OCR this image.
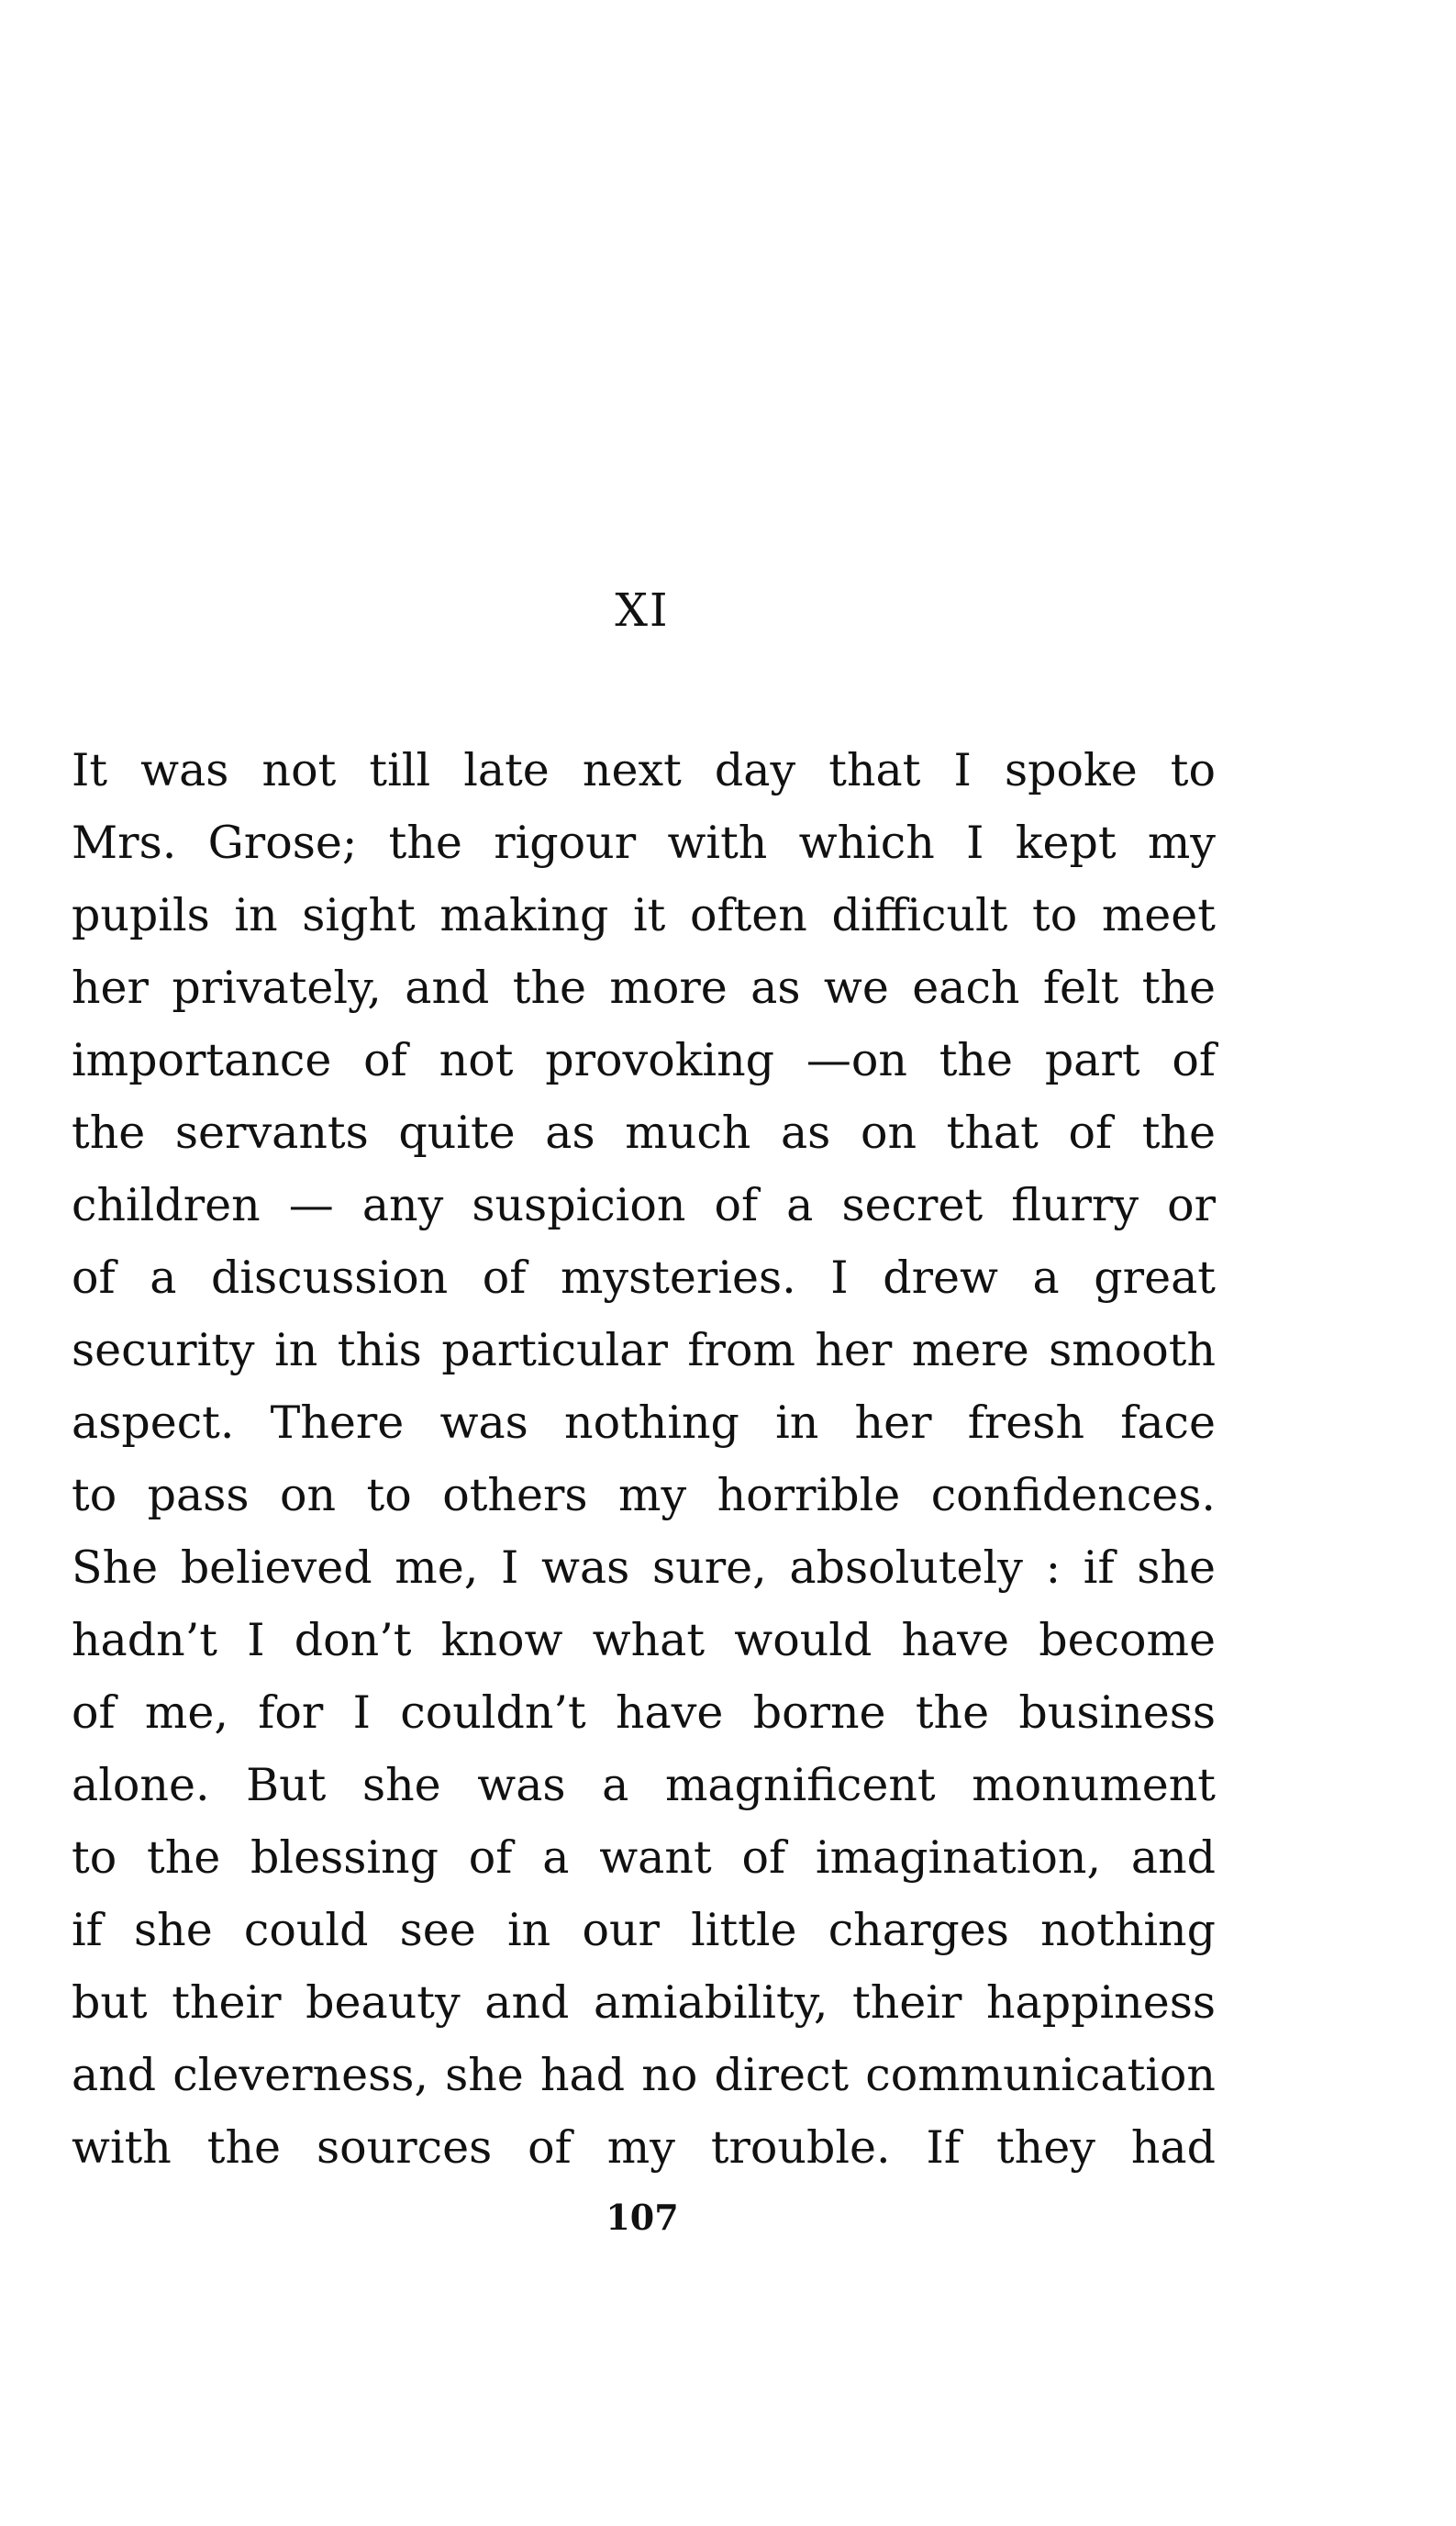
XI
It was not till late next day that I spoke to
Mrs. Grose; the rigour with which I kept my
pupils in sight making it often difficult to meet
her privately, and the more as we each felt the
importance of not provoking —on the part of
the servants quite as much as on that of the
children — any suspicion of a secret flurry or
of a discussion of mysteries. I drew a great
security in this particular from her mere smooth
aspect. There was nothing in her fresh face
to pass on to others my horrible confidences.
She believed me, I was sure, absolutely : if she
hadn’t I don’t know what would have become
of me, for I couldn’t have borne the business
alone. But she was a magnificent monument
to the blessing of a want of imagination, and
if she could see in our little charges nothing
but their beauty and amiability, their happiness
and cleverness, she had no direct communication
with the sources of my trouble. If they had
107
